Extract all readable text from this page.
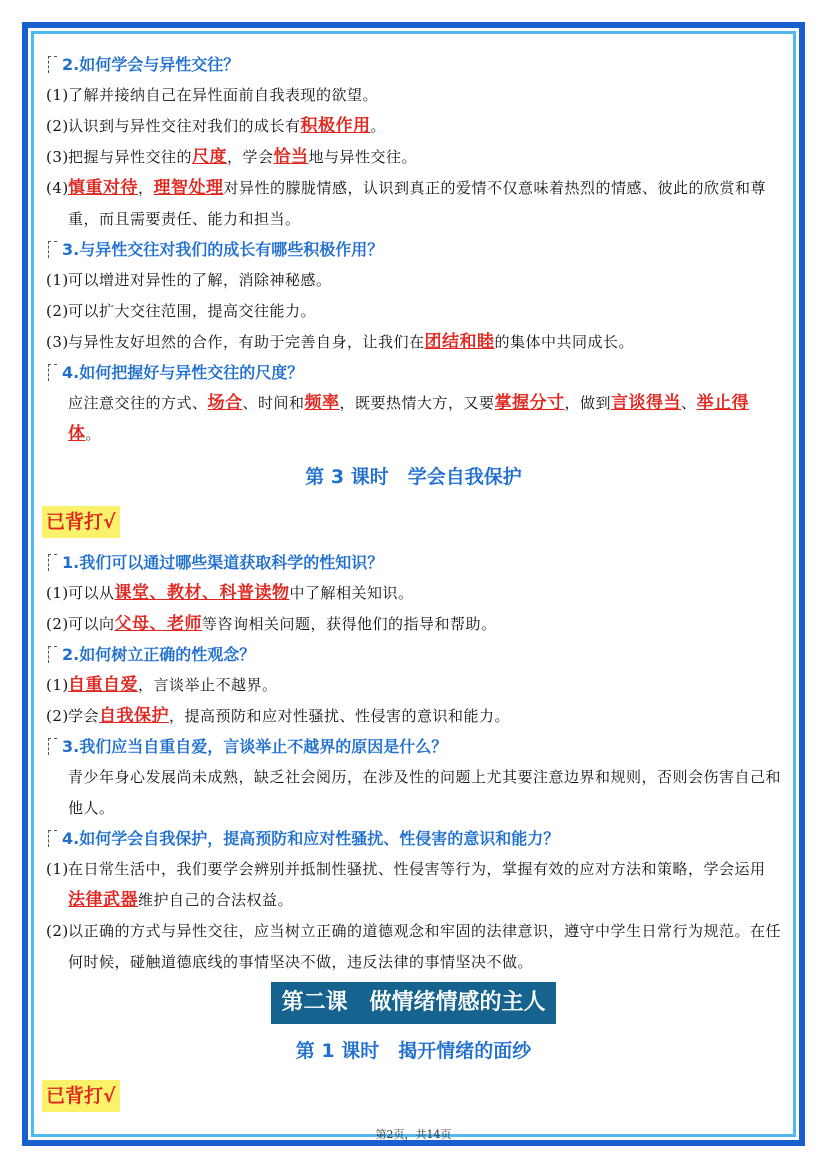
2.如何学会与异性交往？
(1) 了解并接纳自己在异性面前自我表现的欲望。
(2) 认识到与异性交往对我们的成长有积极作用。
(3) 把握与异性交往的尺度，学会恰当地与异性交往。
(4) 慎重对待，理智处理对异性的朦胧情感，认识到真正的爱情不仅意味着热烈的情感、彼此的欣赏和尊重，而且需要责任、能力和担当。
3.与异性交往对我们的成长有哪些积极作用？
(1) 可以增进对异性的了解，消除神秘感。
(2) 可以扩大交往范围，提高交往能力。
(3) 与异性友好坦然的合作，有助于完善自身，让我们在团结和睦的集体中共同成长。
4.如何把握好与异性交往的尺度？
应注意交往的方式、场合、时间和频率，既要热情大方，又要掌握分寸，做到言谈得当、举止得体。
第 3 课时　学会自我保护
已背打√
1.我们可以通过哪些渠道获取科学的性知识？
(1) 可以从课堂、教材、科普读物中了解相关知识。
(2) 可以向父母、老师等咨询相关问题，获得他们的指导和帮助。
2.如何树立正确的性观念？
(1) 自重自爱，言谈举止不越界。
(2) 学会自我保护，提高预防和应对性骚扰、性侵害的意识和能力。
3.我们应当自重自爱，言谈举止不越界的原因是什么？
青少年身心发展尚未成熟，缺乏社会阅历，在涉及性的问题上尤其要注意边界和规则，否则会伤害自己和他人。
4.如何学会自我保护，提高预防和应对性骚扰、性侵害的意识和能力？
(1) 在日常生活中，我们要学会辨别并抵制性骚扰、性侵害等行为，掌握有效的应对方法和策略，学会运用法律武器维护自己的合法权益。
(2) 以正确的方式与异性交往，应当树立正确的道德观念和牢固的法律意识，遵守中学生日常行为规范。在任何时候，碰触道德底线的事情坚决不做，违反法律的事情坚决不做。
第二课　做情绪情感的主人
第 1 课时　揭开情绪的面纱
已背打√
第2页，共14页
